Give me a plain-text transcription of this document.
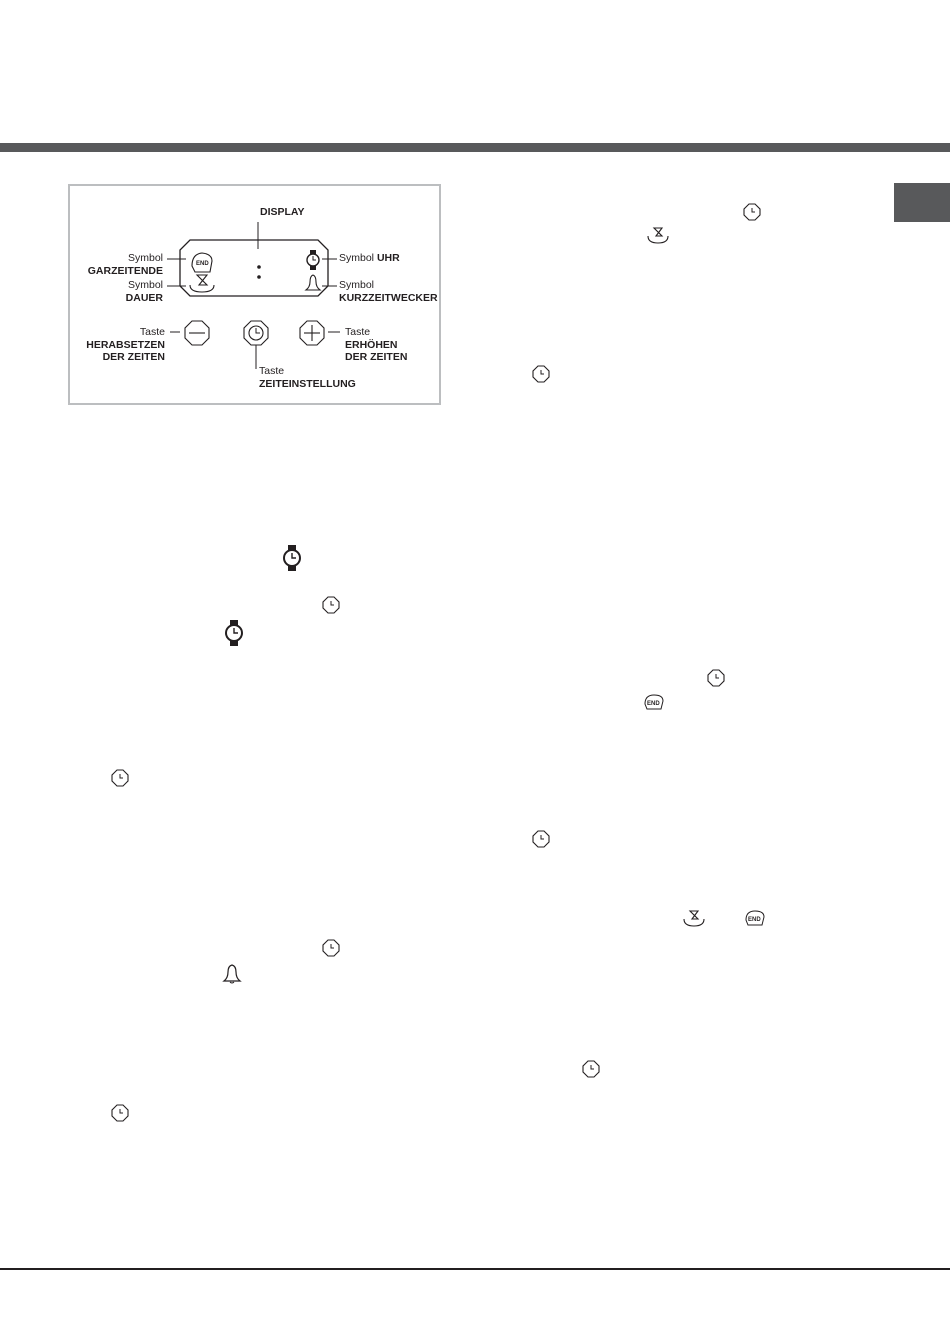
END
DISPLAY
Symbol
GARZEITENDE
Symbol
DAUER
Symbol UHR
Symbol
KURZZEITWECKER
Taste
HERABSETZEN
DER ZEITEN
Taste
ERHÖHEN
DER ZEITEN
Taste
ZEITEINSTELLUNG
END
END
